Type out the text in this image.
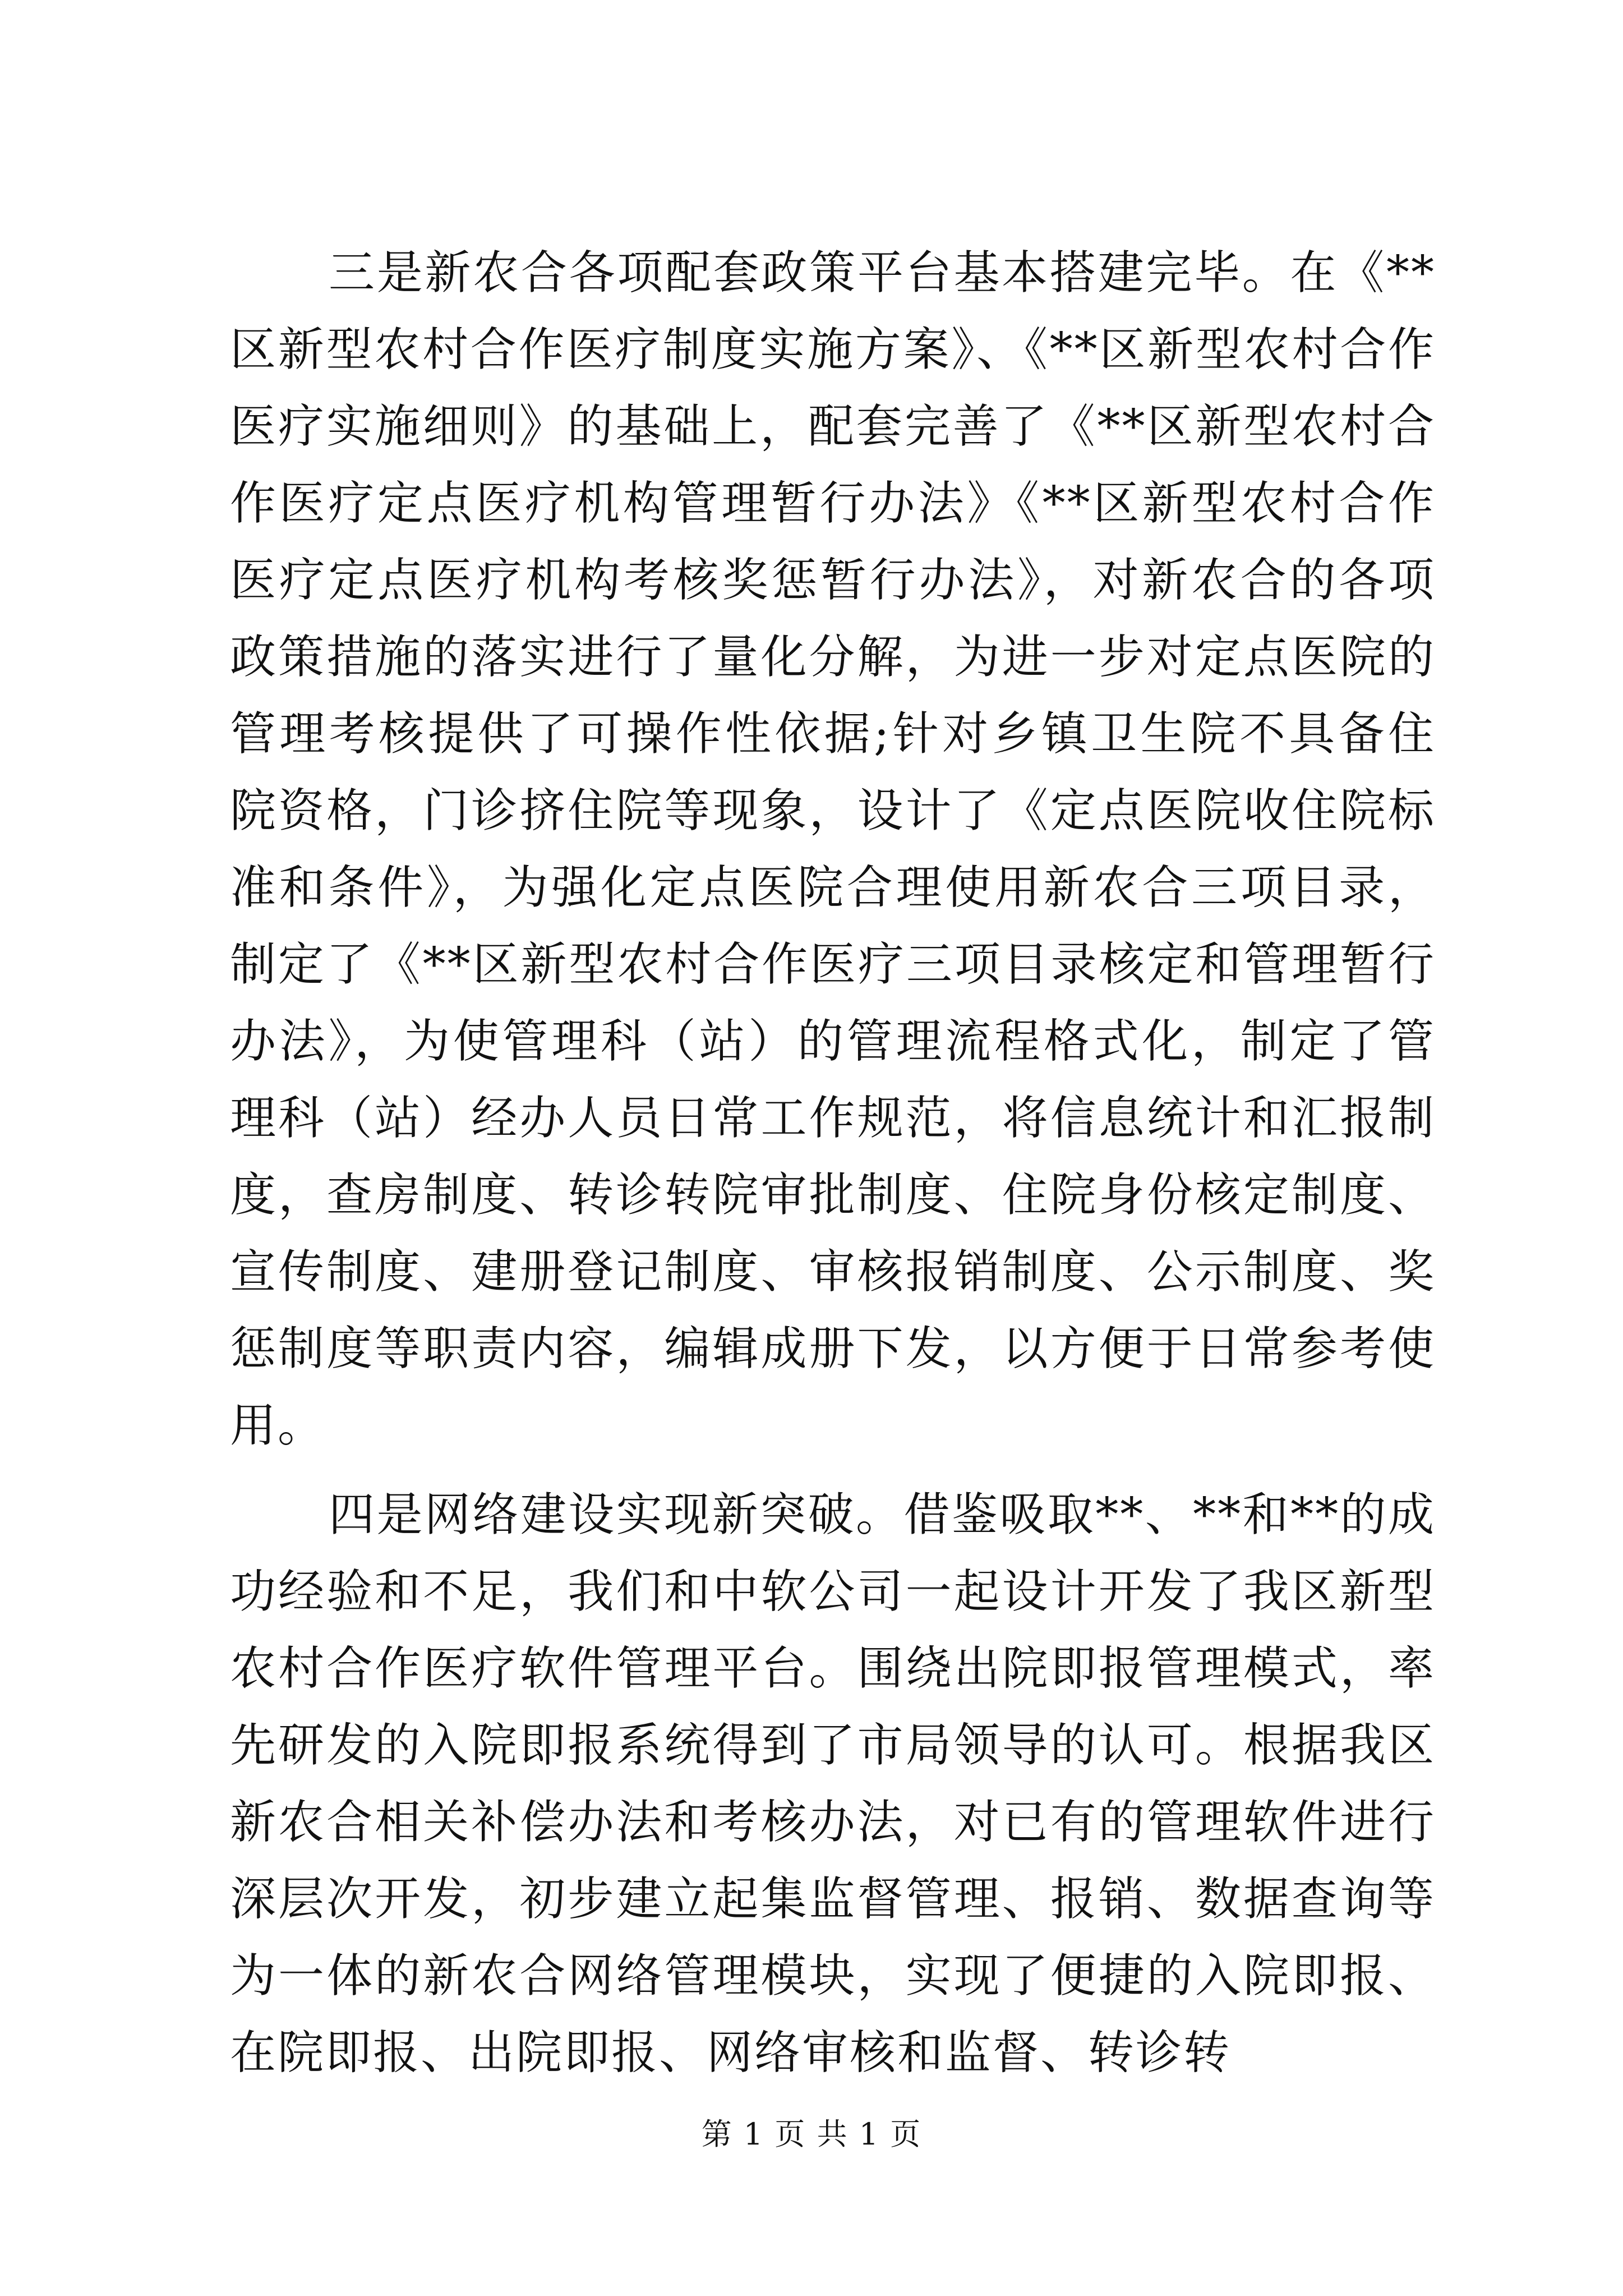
三是新农合各项配套政策平台基本搭建完毕。在《**区新型农村合作医疗制度实施方案》、《**区新型农村合作医疗实施细则》的基础上，配套完善了《**区新型农村合作医疗定点医疗机构管理暂行办法》《**区新型农村合作医疗定点医疗机构考核奖惩暂行办法》，对新农合的各项政策措施的落实进行了量化分解，为进一步对定点医院的管理考核提供了可操作性依据;针对乡镇卫生院不具备住院资格，门诊挤住院等现象，设计了《定点医院收住院标准和条件》，为强化定点医院合理使用新农合三项目录，制定了《**区新型农村合作医疗三项目录核定和管理暂行办法》，为使管理科（站）的管理流程格式化，制定了管理科（站）经办人员日常工作规范，将信息统计和汇报制度，查房制度、转诊转院审批制度、住院身份核定制度、宣传制度、建册登记制度、审核报销制度、公示制度、奖惩制度等职责内容，编辑成册下发，以方便于日常参考使用。

四是网络建设实现新突破。借鉴吸取**、**和**的成功经验和不足，我们和中软公司一起设计开发了我区新型农村合作医疗软件管理平台。围绕出院即报管理模式，率先研发的入院即报系统得到了市局领导的认可。根据我区新农合相关补偿办法和考核办法，对已有的管理软件进行深层次开发，初步建立起集监督管理、报销、数据查询等为一体的新农合网络管理模块，实现了便捷的入院即报、在院即报、出院即报、网络审核和监督、转诊转

第 1 页 共 1 页
